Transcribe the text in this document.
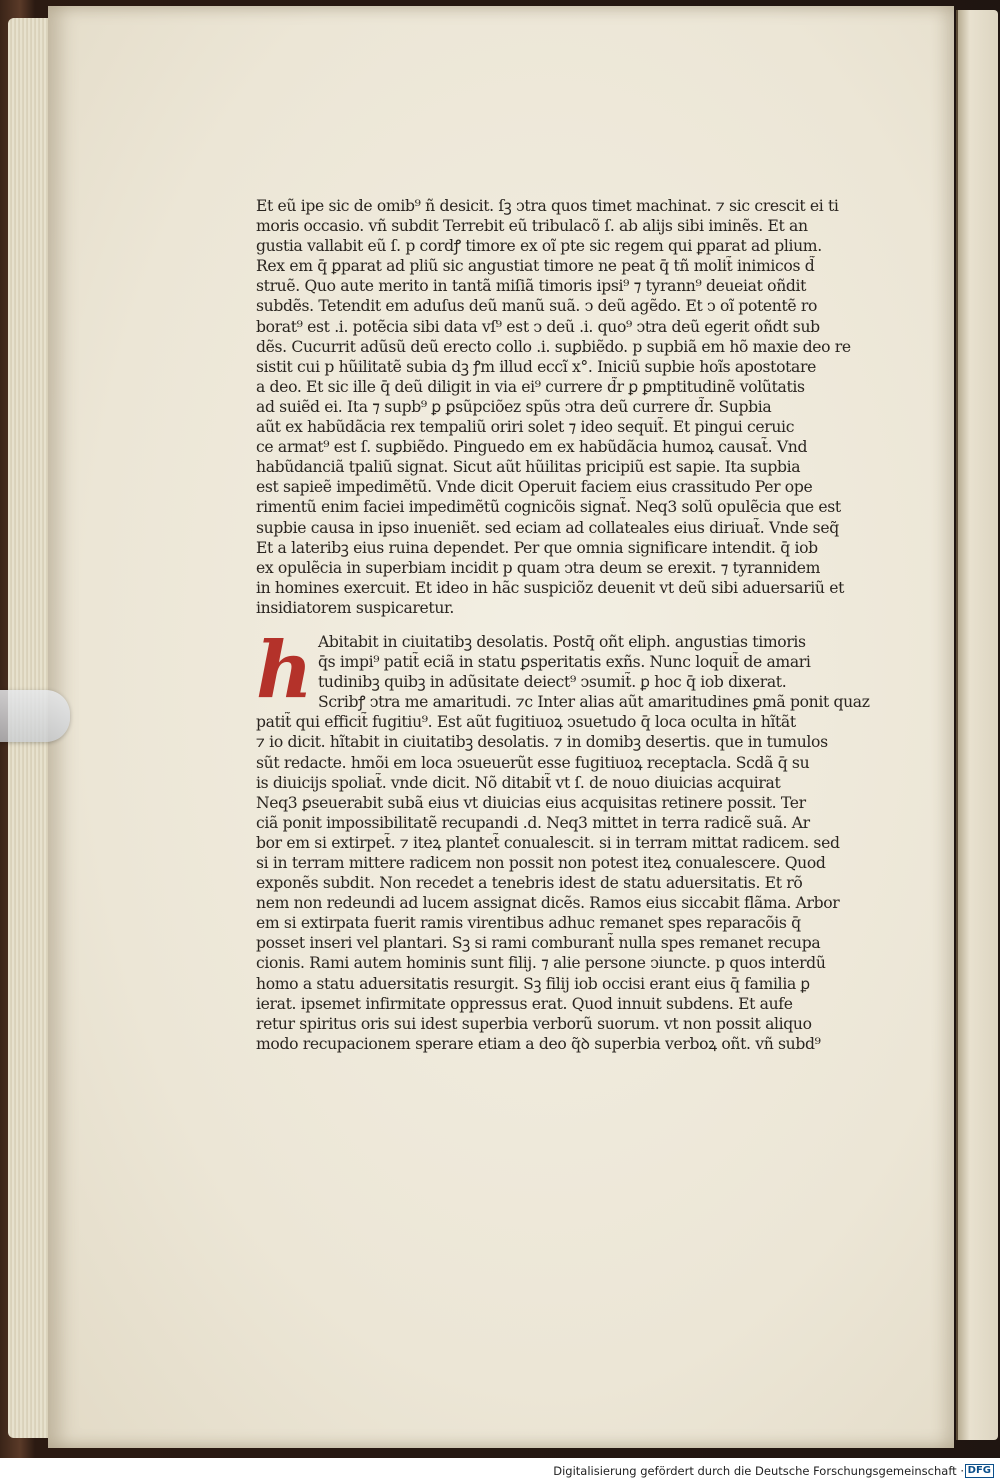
Et eũ ipe sic de omib⁹ ñ desicit. ſꝫ ↄtra quos timet machinat. ⁊ sic crescit ei ti
moris occasio. vñ subdit Terrebit eũ tribulacõ ſ. ab alijs sibi iminẽs. Et an
gustia vallabit eũ ſ. p cordꝭ timore ex oĩ pte sic regem qui ꝑparat ad plium.
Rex em q̄ ꝑparat ad pliũ sic angustiat timore ne peat q̄ tñ molit̃ inimicos d̃
struẽ. Quo aute merito in tantã miſiã timoris ipsi⁹ ⁊ tyrann⁹ deueiat oñdit
subdẽs. Tetendit em aduſus deũ manũ suã. ↄ deũ agẽdo. Et ↄ oĩ potentẽ ro
borat⁹ est .i. potẽcia sibi data vſ⁹ est ↄ deũ .i. quo⁹ ↄtra deũ egerit oñdt sub
dẽs. Cucurrit adũsũ deũ erecto collo .i. suꝑbiẽdo. p supbiã em hõ maxie deo re
sistit cui p hũilitatẽ subia dꝫ ꝭm illud eccĩ x°. Iniciũ supbie hoĩs apostotare
a deo. Et sic ille q̄ deũ diligit in via ei⁹ currere d̃r ꝑ ꝑmptitudinẽ volũtatis
ad suiẽd ei. Ita ⁊ supb⁹ ꝑ ꝑsũpciõez spũs ↄtra deũ currere d̃r. Supbia
aũt ex habũdãcia rex tempaliũ oriri solet ⁊ ideo sequit̃. Et pingui ceruic
ce armat⁹ est ſ. suꝑbiẽdo. Pinguedo em ex habũdãcia humoꝝ causat̃. Vnd
habũdanciã tpaliũ signat. Sicut aũt hũilitas pricipiũ est sapie. Ita supbia
est sapieẽ impedimẽtũ. Vnde dicit Operuit faciem eius crassitudo Per ope
rimentũ enim faciei impedimẽtũ cognicõis signat̃. Neq3 solũ opulẽcia que est
supbie causa in ipso inueniẽt. sed eciam ad collateales eius diriuat̃. Vnde seq̃
Et a lateribꝫ eius ruina dependet. Per que omnia significare intendit. q̄ iob
ex opulẽcia in superbiam incidit p quam ↄtra deum se erexit. ⁊ tyrannidem
in homines exercuit. Et ideo in hãc suspiciõz deuenit vt deũ sibi aduersariũ et
insidiatorem suspicaretur.
h Abitabit in ciuitatibꝫ desolatis. Postq̄ oñt eliph. angustias timoris
q̄s impi⁹ patit̃ eciã in statu ꝑsperitatis exñs. Nunc loquit̃ de amari
tudinibꝫ quibꝫ in adũsitate deiect⁹ ↄsumit̃. ꝑ hoc q̄ iob dixerat.
Scribꝭ ↄtra me amaritudi. ⁊c Inter alias aũt amaritudines ꝑmã ponit quaz
patit̃ qui efficit̃ fugitiu⁹. Est aũt fugitiuoꝝ ↄsuetudo q̄ loca oculta in hĩtãt
⁊ io dicit. hĩtabit in ciuitatibꝫ desolatis. ⁊ in domibꝫ desertis. que in tumulos
sũt redacte. hmõi em loca ↄsueuerũt esse fugitiuoꝝ receptacla. Scdã q̄ su
is diuicijs spoliat̃. vnde dicit. Nõ ditabit̃ vt ſ. de nouo diuicias acquirat
Neq3 ꝑseuerabit subã eius vt diuicias eius acquisitas retinere possit. Ter
ciã ponit impossibilitatẽ recupandi .d. Neq3 mittet in terra radicẽ suã. Ar
bor em si extirpet̃. ⁊ iteꝝ plantet̃ conualescit. si in terram mittat radicem. sed
si in terram mittere radicem non possit non potest iteꝝ conualescere. Quod
exponẽs subdit. Non recedet a tenebris idest de statu aduersitatis. Et rõ
nem non redeundi ad lucem assignat dicẽs. Ramos eius siccabit flãma. Arbor
em si extirpata fuerit ramis virentibus adhuc remanet spes reparacõis q̄
posset inseri vel plantari. Sꝫ si rami comburant̃ nulla spes remanet recupa
cionis. Rami autem hominis sunt filij. ⁊ alie persone ↄiuncte. p quos interdũ
homo a statu aduersitatis resurgit. Sꝫ filij iob occisi erant eius q̄ familia ꝑ
ierat. ipsemet infirmitate oppressus erat. Quod innuit subdens. Et aufe
retur spiritus oris sui idest superbia verborũ suorum. vt non possit aliquo
modo recupacionem sperare etiam a deo q̃ꝺ superbia verboꝝ oñt. vñ subd⁹
Digitalisierung gefördert durch die Deutsche Forschungsgemeinschaft · DFG
